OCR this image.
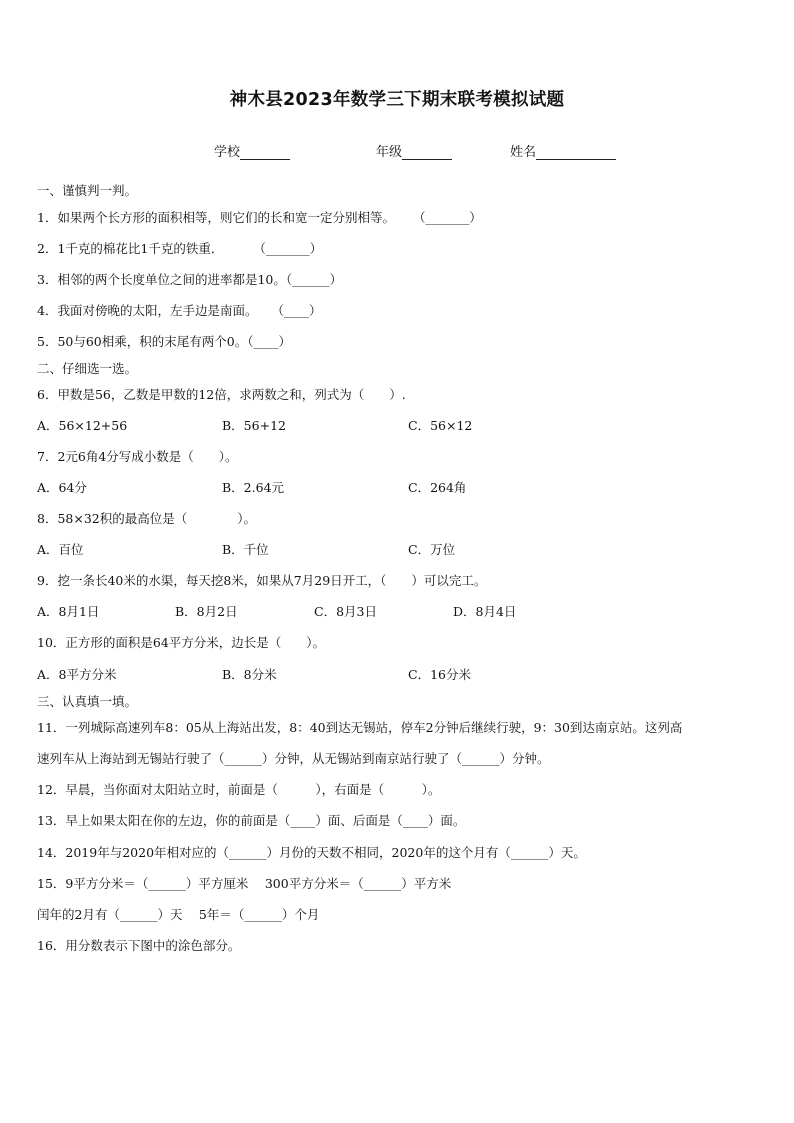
神木县2023年数学三下期末联考模拟试题
学校	年级	姓名
一、谨慎判一判。
1．如果两个长方形的面积相等，则它们的长和宽一定分别相等。 （_______）
2．1千克的棉花比1千克的铁重． （_______）
3．相邻的两个长度单位之间的进率都是10。（______）
4．我面对傍晚的太阳，左手边是南面。 （____）
5．50与60相乘，积的末尾有两个0。（____）
二、仔细选一选。
6．甲数是56，乙数是甲数的12倍，求两数之和，列式为（　　）.
A．56×12+56	B．56+12	C．56×12
7．2元6角4分写成小数是（　　）。
A．64分	B．2.64元	C．264角
8．58×32积的最高位是（　　　　）。
A．百位	B．千位	C．万位
9．挖一条长40米的水渠，每天挖8米，如果从7月29日开工，（　　）可以完工。
A．8月1日	B．8月2日	C．8月3日	D．8月4日
10．正方形的面积是64平方分米，边长是（　　）。
A．8平方分米	B．8分米	C．16分米
三、认真填一填。
11．一列城际高速列车8：05从上海站出发，8：40到达无锡站，停车2分钟后继续行驶，9：30到达南京站。这列高
速列车从上海站到无锡站行驶了（______）分钟，从无锡站到南京站行驶了（______）分钟。
12．早晨，当你面对太阳站立时，前面是（　　　），右面是（　　　）。
13．早上如果太阳在你的左边，你的前面是（____）面、后面是（____）面。
14．2019年与2020年相对应的（______）月份的天数不相同，2020年的这个月有（______）天。
15．9平方分米＝（______）平方厘米　 300平方分米＝（______）平方米
闰年的2月有（______）天　 5年＝（______）个月
16．用分数表示下图中的涂色部分。
